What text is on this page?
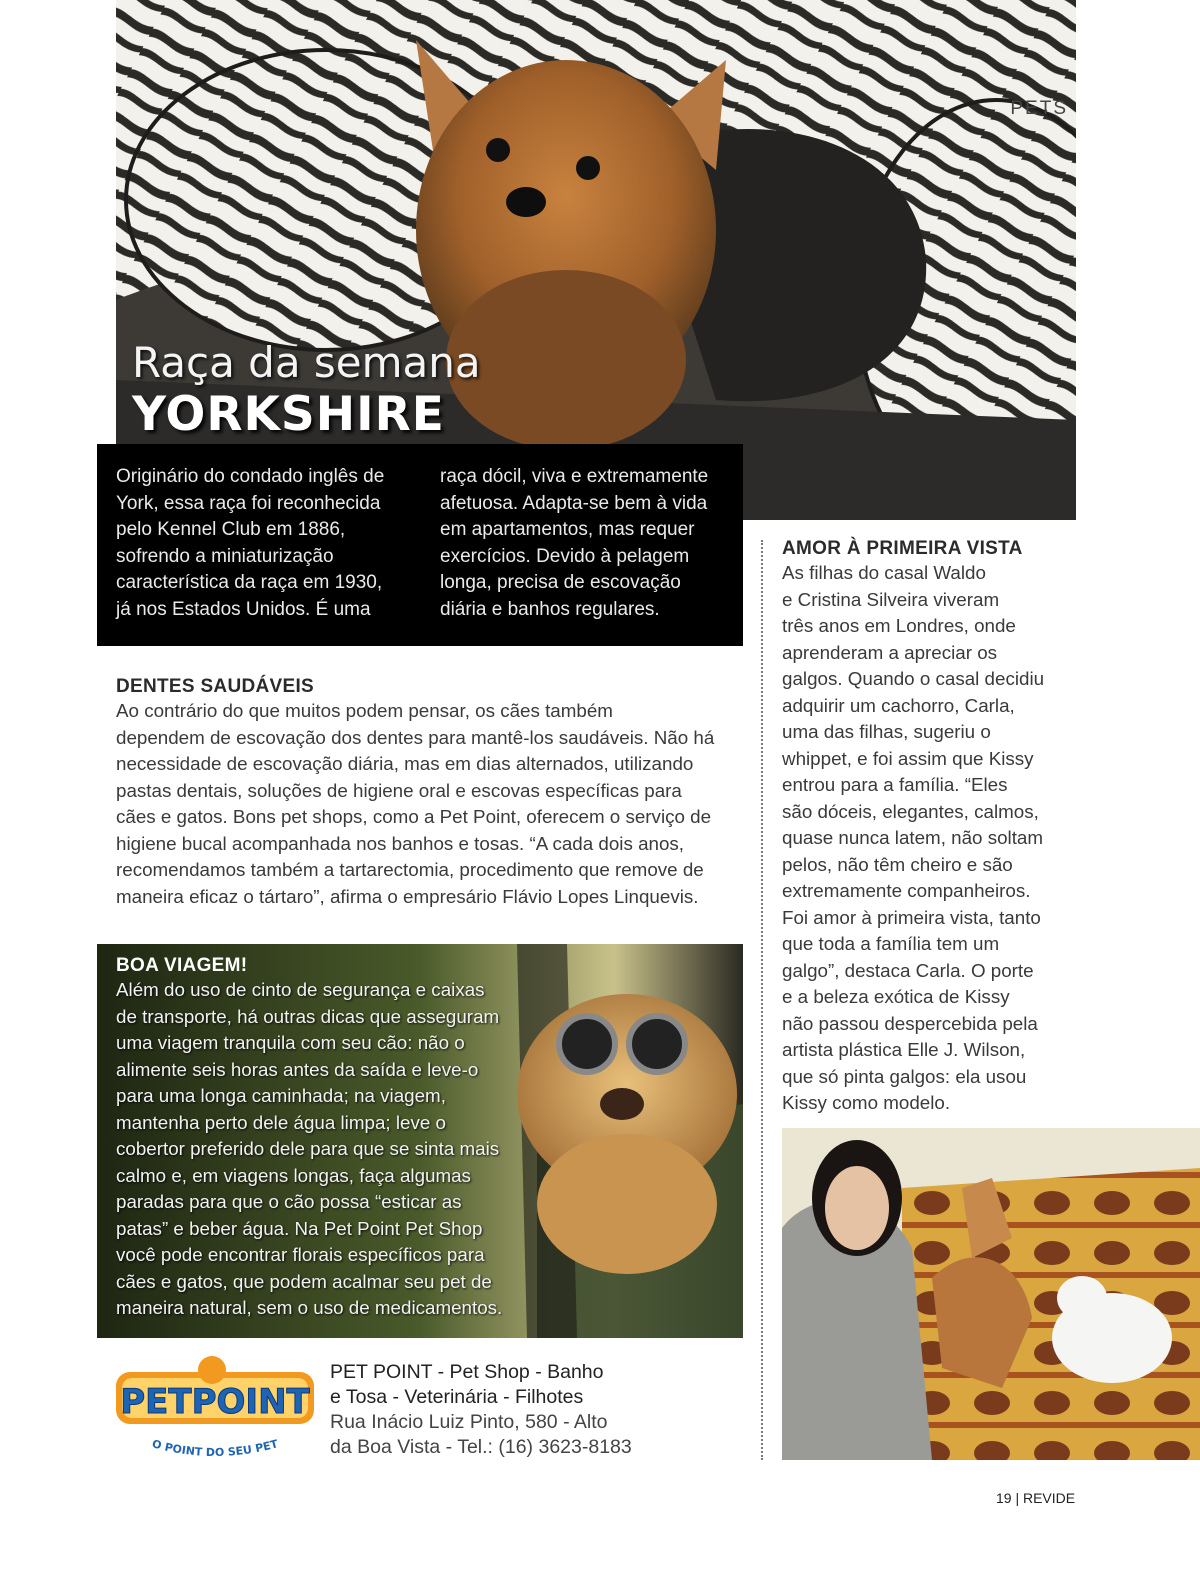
PETS
Raça da semana
YORKSHIRE
Originário do condado inglês de
York, essa raça foi reconhecida
pelo Kennel Club em 1886,
sofrendo a miniaturização
característica da raça em 1930,
já nos Estados Unidos. É uma
raça dócil, viva e extremamente
afetuosa. Adapta-se bem à vida
em apartamentos, mas requer
exercícios. Devido à pelagem
longa, precisa de escovação
diária e banhos regulares.
DENTES SAUDÁVEIS
Ao contrário do que muitos podem pensar, os cães também
dependem de escovação dos dentes para mantê-los saudáveis. Não há
necessidade de escovação diária, mas em dias alternados, utilizando
pastas dentais, soluções de higiene oral e escovas específicas para
cães e gatos. Bons pet shops, como a Pet Point, oferecem o serviço de
higiene bucal acompanhada nos banhos e tosas. “A cada dois anos,
recomendamos também a tartarectomia, procedimento que remove de
maneira eficaz o tártaro”, afirma o empresário Flávio Lopes Linquevis.
BOA VIAGEM!
Além do uso de cinto de segurança e caixas
de transporte, há outras dicas que asseguram
uma viagem tranquila com seu cão: não o
alimente seis horas antes da saída e leve-o
para uma longa caminhada; na viagem,
mantenha perto dele água limpa; leve o
cobertor preferido dele para que se sinta mais
calmo e, em viagens longas, faça algumas
paradas para que o cão possa “esticar as
patas” e beber água. Na Pet Point Pet Shop
você pode encontrar florais específicos para
cães e gatos, que podem acalmar seu pet de
maneira natural, sem o uso de medicamentos.
AMOR À PRIMEIRA VISTA
As filhas do casal Waldo
e Cristina Silveira viveram
três anos em Londres, onde
aprenderam a apreciar os
galgos. Quando o casal decidiu
adquirir um cachorro, Carla,
uma das filhas, sugeriu o
whippet, e foi assim que Kissy
entrou para a família. “Eles
são dóceis, elegantes, calmos,
quase nunca latem, não soltam
pelos, não têm cheiro e são
extremamente companheiros.
Foi amor à primeira vista, tanto
que toda a família tem um
galgo”, destaca Carla. O porte
e a beleza exótica de Kissy
não passou despercebida pela
artista plástica Elle J. Wilson,
que só pinta galgos: ela usou
Kissy como modelo.
PETPOINT
O POINT DO SEU PET
PET POINT - Pet Shop - Banho
e Tosa - Veterinária - Filhotes
Rua Inácio Luiz Pinto, 580 - Alto
da Boa Vista - Tel.: (16) 3623-8183
19 | REVIDE
